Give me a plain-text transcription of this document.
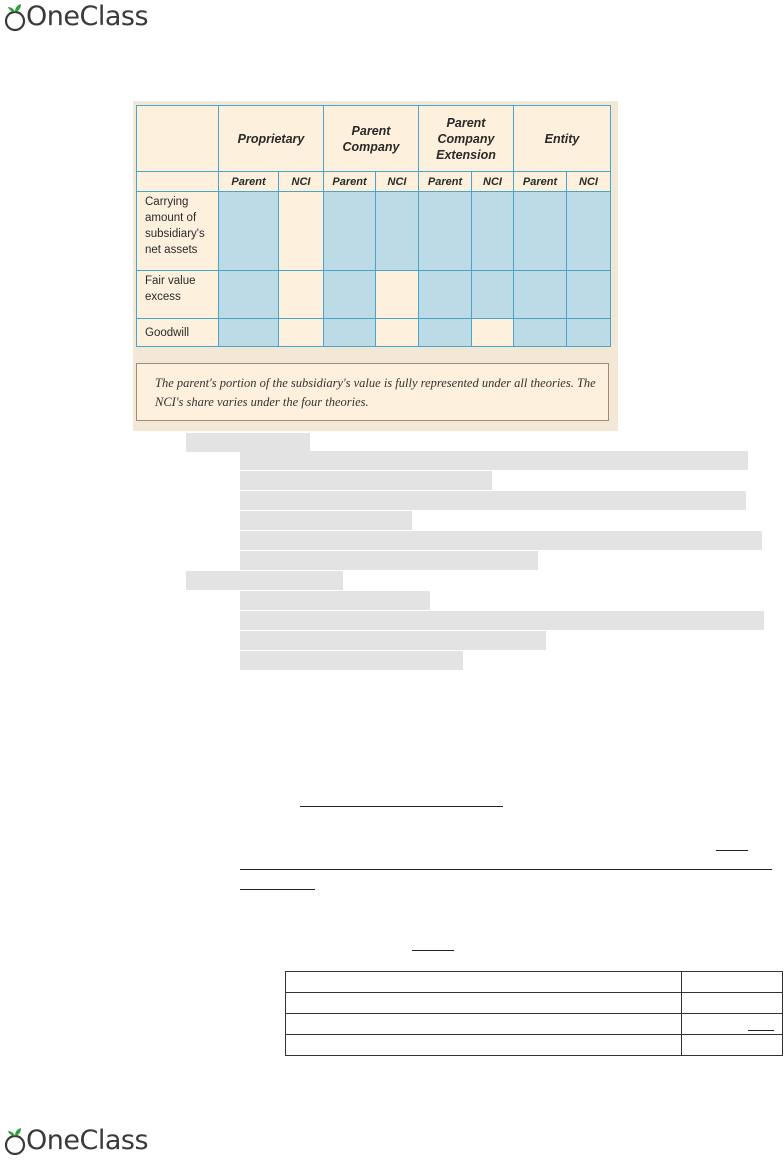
OneClass
	Proprietary		Parent Company		Parent Company Extension		Entity	
	Parent	NCI	Parent	NCI	Parent	NCI	Parent	NCI
Carrying amount of subsidiary's net assets								
Fair value excess								
Goodwill								
The parent's portion of the subsidiary's value is fully represented under all theories. The NCI's share varies under the four theories.

OneClass
